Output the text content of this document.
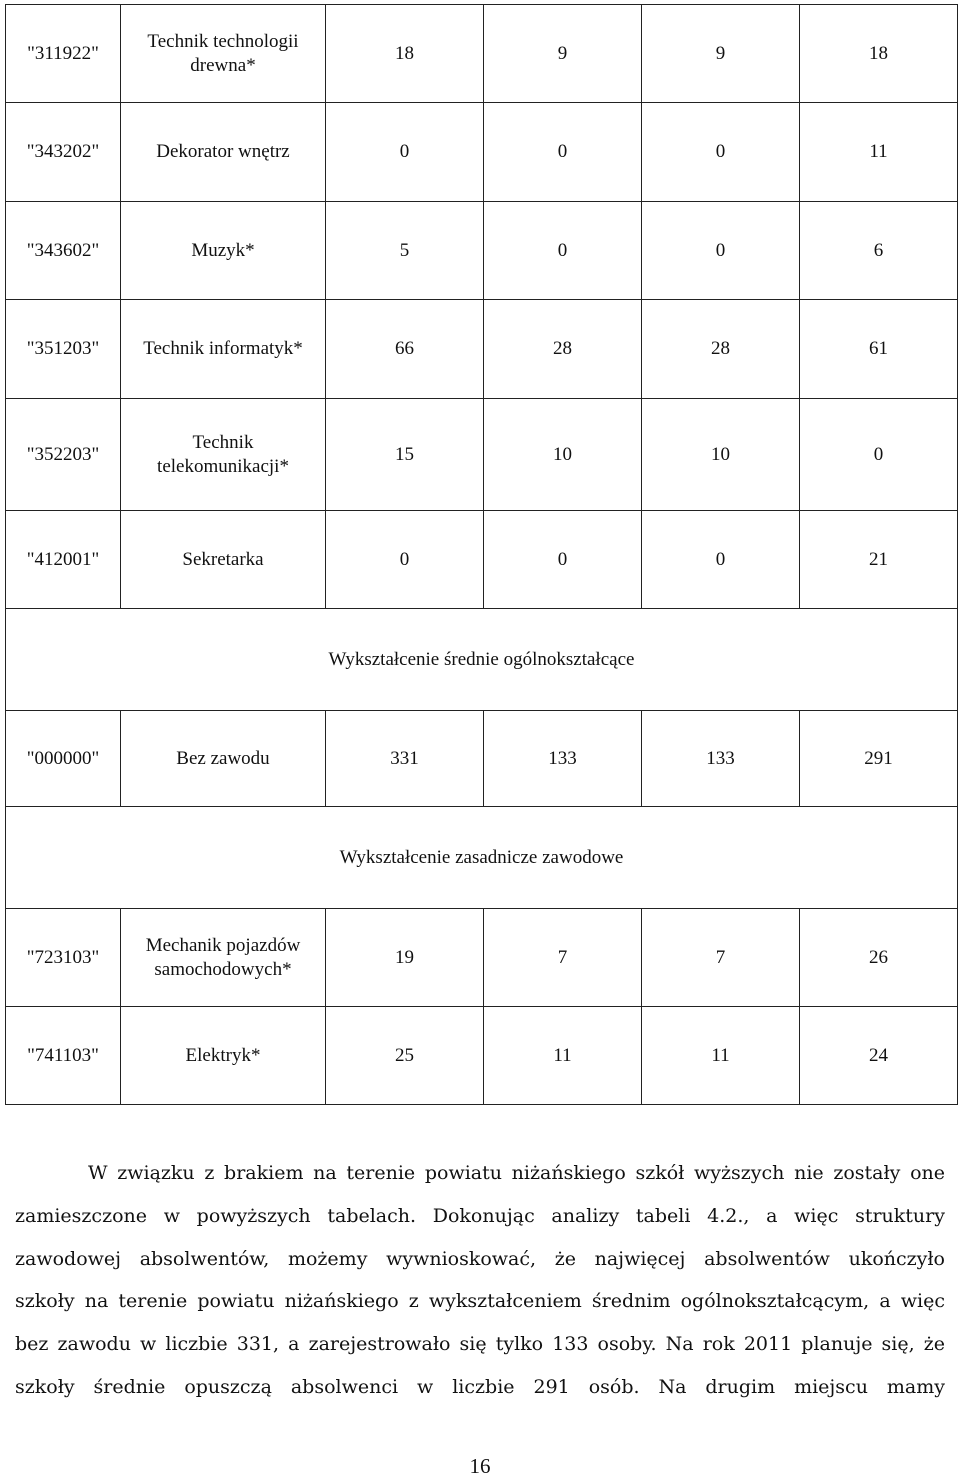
"311922"	Technik technologii drewna*	18	9	9	18
"343202"	Dekorator wnętrz	0	0	0	11
"343602"	Muzyk*	5	0	0	6
"351203"	Technik informatyk*	66	28	28	61
"352203"	Technik telekomunikacji*	15	10	10	0
"412001"	Sekretarka	0	0	0	21
Wykształcenie średnie ogólnokształcące					
"000000"	Bez zawodu	331	133	133	291
Wykształcenie zasadnicze zawodowe					
"723103"	Mechanik pojazdów samochodowych*	19	7	7	26
"741103"	Elektryk*	25	11	11	24
W związku z brakiem na terenie powiatu niżańskiego szkół wyższych nie zostały one
zamieszczone w powyższych tabelach. Dokonując analizy tabeli 4.2., a więc struktury
zawodowej absolwentów, możemy wywnioskować, że najwięcej absolwentów ukończyło
szkoły na terenie powiatu niżańskiego z wykształceniem średnim ogólnokształcącym, a więc
bez zawodu w liczbie 331, a zarejestrowało się tylko 133 osoby. Na rok 2011 planuje się, że
szkoły średnie opuszczą absolwenci w liczbie 291 osób. Na drugim miejscu mamy
16
